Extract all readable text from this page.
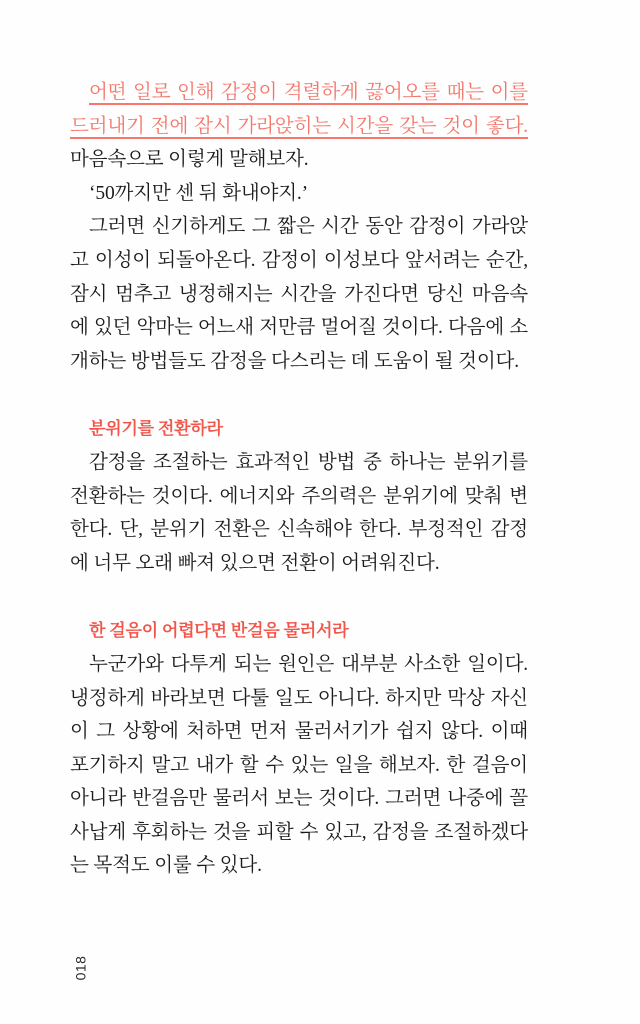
어떤 일로 인해 감정이 격렬하게 끓어오를 때는 이를 드러내기 전에 잠시 가라앉히는 시간을 갖는 것이 좋다. 마음속으로 이렇게 말해보자.

‘50까지만 센 뒤 화내야지.’

그러면 신기하게도 그 짧은 시간 동안 감정이 가라앉고 이성이 되돌아온다. 감정이 이성보다 앞서려는 순간, 잠시 멈추고 냉정해지는 시간을 가진다면 당신 마음속에 있던 악마는 어느새 저만큼 멀어질 것이다. 다음에 소개하는 방법들도 감정을 다스리는 데 도움이 될 것이다.

분위기를 전환하라

감정을 조절하는 효과적인 방법 중 하나는 분위기를 전환하는 것이다. 에너지와 주의력은 분위기에 맞춰 변한다. 단, 분위기 전환은 신속해야 한다. 부정적인 감정에 너무 오래 빠져 있으면 전환이 어려워진다.

한 걸음이 어렵다면 반걸음 물러서라

누군가와 다투게 되는 원인은 대부분 사소한 일이다. 냉정하게 바라보면 다툴 일도 아니다. 하지만 막상 자신이 그 상황에 처하면 먼저 물러서기가 쉽지 않다. 이때 포기하지 말고 내가 할 수 있는 일을 해보자. 한 걸음이 아니라 반걸음만 물러서 보는 것이다. 그러면 나중에 꼴사납게 후회하는 것을 피할 수 있고, 감정을 조절하겠다는 목적도 이룰 수 있다.

018
